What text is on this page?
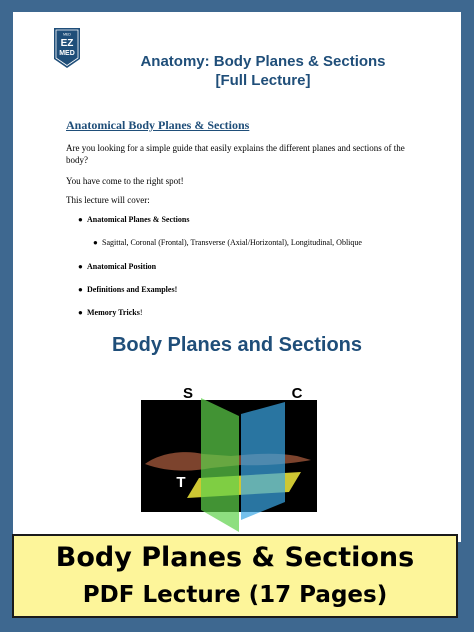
MED
EZ
MED	Anatomy: Body Planes & Sections
[Full Lecture]
Anatomical Body Planes & Sections
Are you looking for a simple guide that easily explains the different planes and sections of the body?
You have come to the right spot!
This lecture will cover:
● Anatomical Planes & Sections
● Sagittal, Coronal (Frontal), Transverse (Axial/Horizontal), Longitudinal, Oblique
● Anatomical Position
● Definitions and Examples!
● Memory Tricks!
Body Planes and Sections
S	C
T
Body Planes & Sections
PDF Lecture (17 Pages)
